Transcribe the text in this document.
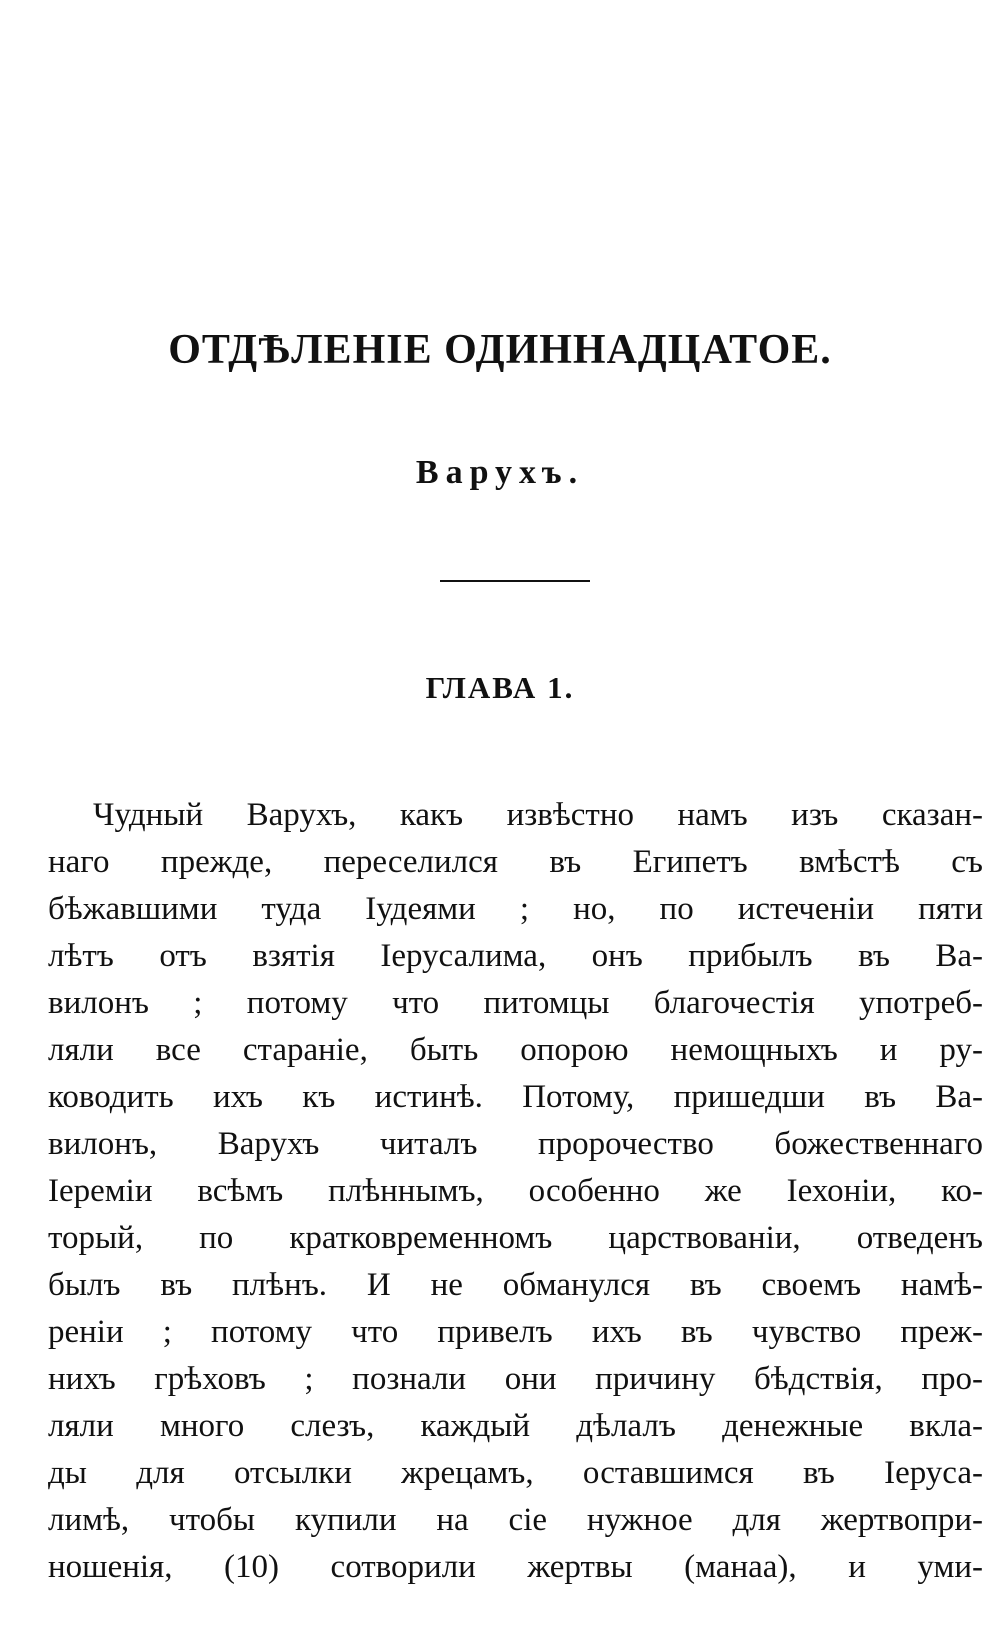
ОТДѢЛЕНІЕ ОДИННАДЦАТОЕ.
Варухъ.
ГЛАВА 1.
Чудный Варухъ, какъ извѣстно намъ изъ сказан-
наго прежде, переселился въ Египетъ вмѣстѣ съ
бѣжавшими туда Іудеями ; но, по истеченіи пяти
лѣтъ отъ взятія Іерусалима, онъ прибылъ въ Ва-
вилонъ ; потому что питомцы благочестія употреб-
ляли все стараніе, быть опорою немощныхъ и ру-
ководить ихъ къ истинѣ. Потому, пришедши въ Ва-
вилонъ, Варухъ читалъ пророчество божественнаго
Іереміи всѣмъ плѣннымъ, особенно же Іехоніи, ко-
торый, по кратковременномъ царствованіи, отведенъ
былъ въ плѣнъ. И не обманулся въ своемъ намѣ-
реніи ; потому что привелъ ихъ въ чувство преж-
нихъ грѣховъ ; познали они причину бѣдствія, про-
ляли много слезъ, каждый дѣлалъ денежные вкла-
ды для отсылки жрецамъ, оставшимся въ Іеруса-
лимѣ, чтобы купили на сіе нужное для жертвопри-
ношенія, (10) сотворили жертвы (манаа), и уми-
